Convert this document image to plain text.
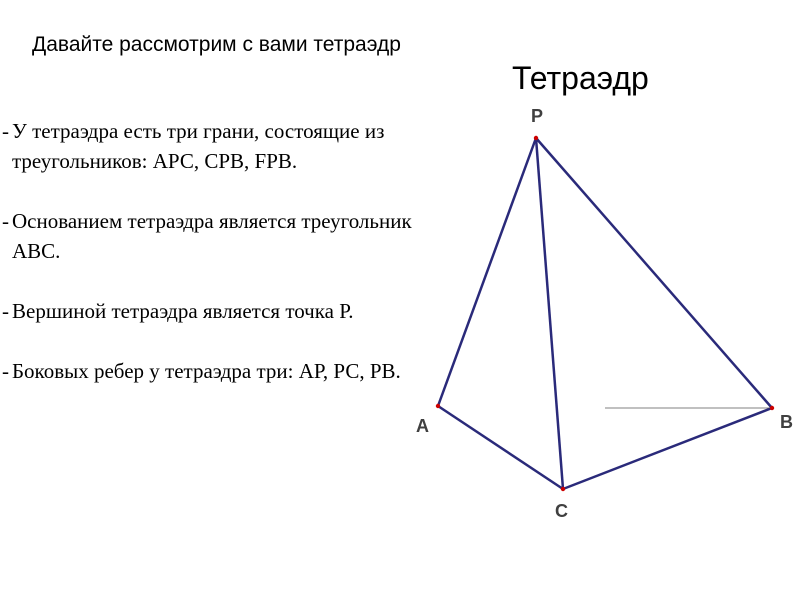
Давайте рассмотрим с вами тетраэдр
Тетраэдр
- У тетраэдра есть три грани, состоящие из треугольников: АРС, СРВ, FPB.
- Основанием тетраэдра является треугольник АВС.
- Вершиной тетраэдра является точка Р.
- Боковых ребер у тетраэдра три: АР, РС, РВ.
P
A	B
C
